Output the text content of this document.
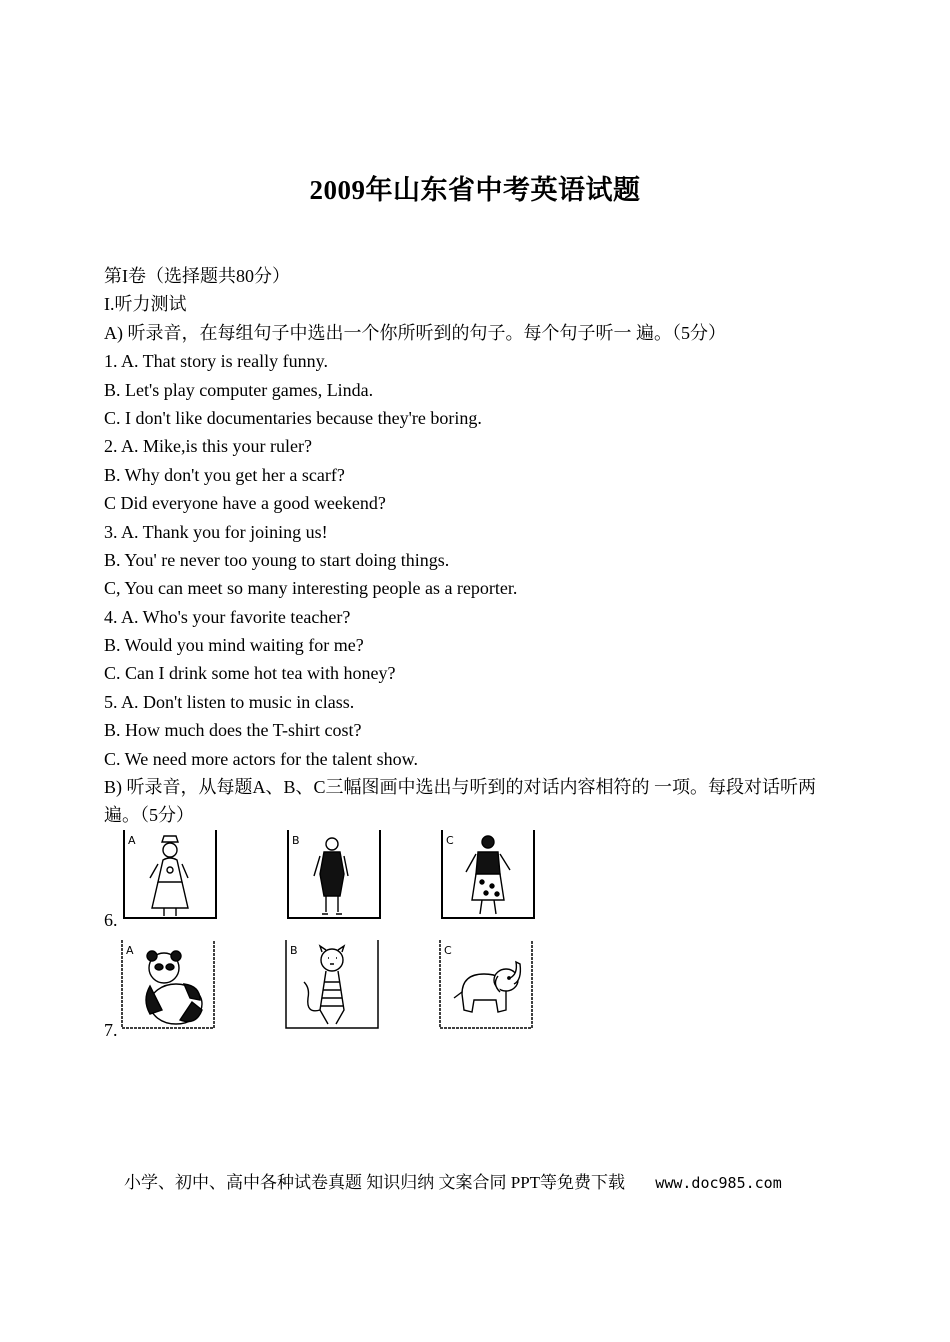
2009年山东省中考英语试题
第I卷（选择题共80分）
I.听力测试
A) 听录音，在每组句子中选出一个你所听到的句子。每个句子听一 遍。（5分）
1. A. That story is really funny.
B. Let's play computer games, Linda.
C. I don't like documentaries because they're boring.
2. A. Mike,is this your ruler?
B. Why don't you get her a scarf?
C Did everyone have a good weekend?
3. A. Thank you for joining us!
B. You' re never too young to start doing things.
C, You can meet so many interesting people as a reporter.
4. A. Who's your favorite teacher?
B. Would you mind waiting for me?
C. Can I drink some hot tea with honey?
5. A. Don't listen to music in class.
B. How much does the T-shirt cost?
C. We need more actors for the talent show.
B) 听录音，从每题A、B、C三幅图画中选出与听到的对话内容相符的 一项。每段对话听两遍。（5分）
6.
A	B	C
7.
A	B	C
小学、初中、高中各种试卷真题 知识归纳 文案合同 PPT等免费下载 www.doc985.com
